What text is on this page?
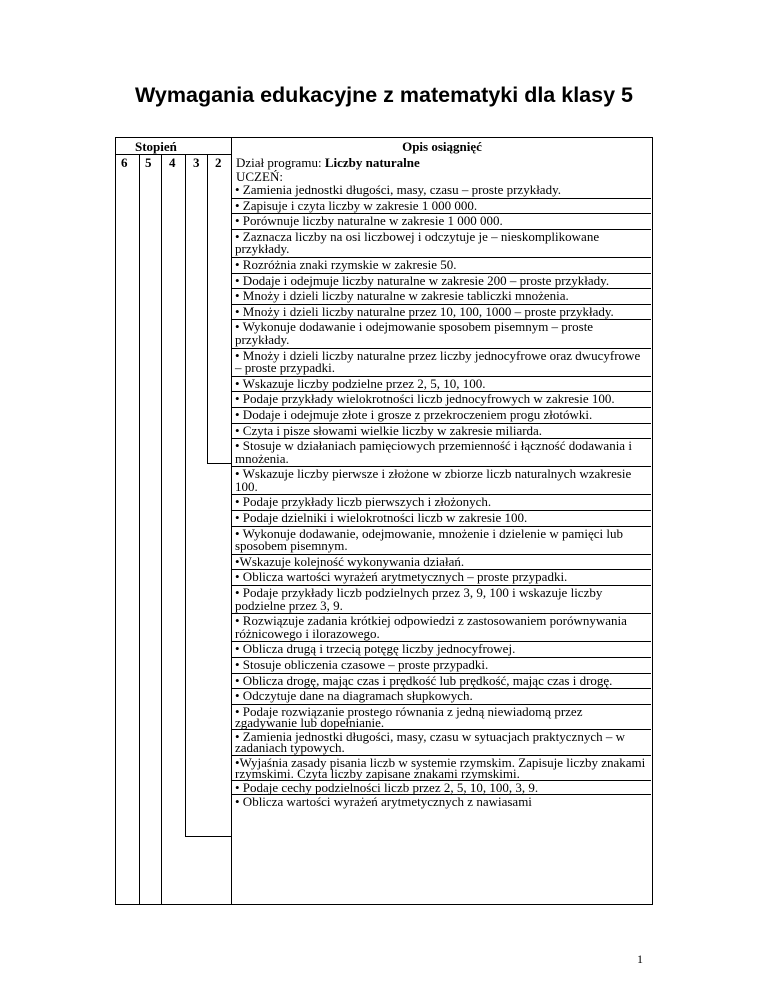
Wymagania edukacyjne z matematyki dla klasy 5
Stopień	Opis osiągnięć
6 5 4 3 2 Dział programu: Liczby naturalne
UCZEŃ:
• Zamienia jednostki długości, masy, czasu – proste przykłady.
• Zapisuje i czyta liczby w zakresie 1 000 000.
• Porównuje liczby naturalne w zakresie 1 000 000.
• Zaznacza liczby na osi liczbowej i odczytuje je – nieskomplikowane przykłady.
• Rozróżnia znaki rzymskie w zakresie 50.
• Dodaje i odejmuje liczby naturalne w zakresie 200 – proste przykłady.
• Mnoży i dzieli liczby naturalne w zakresie tabliczki mnożenia.
• Mnoży i dzieli liczby naturalne przez 10, 100, 1000 – proste przykłady.
• Wykonuje dodawanie i odejmowanie sposobem pisemnym – proste przykłady.
• Mnoży i dzieli liczby naturalne przez liczby jednocyfrowe oraz dwucyfrowe – proste przypadki.
• Wskazuje liczby podzielne przez 2, 5, 10, 100.
• Podaje przykłady wielokrotności liczb jednocyfrowych w zakresie 100.
• Dodaje i odejmuje złote i grosze z przekroczeniem progu złotówki.
• Czyta i pisze słowami wielkie liczby w zakresie miliarda.
• Stosuje w działaniach pamięciowych przemienność i łączność dodawania i mnożenia.
• Wskazuje liczby pierwsze i złożone w zbiorze liczb naturalnych wzakresie 100.
• Podaje przykłady liczb pierwszych i złożonych.
• Podaje dzielniki i wielokrotności liczb w zakresie 100.
• Wykonuje dodawanie, odejmowanie, mnożenie i dzielenie w pamięci lub sposobem pisemnym.
•Wskazuje kolejność wykonywania działań.
• Oblicza wartości wyrażeń arytmetycznych – proste przypadki.
• Podaje przykłady liczb podzielnych przez 3, 9, 100 i wskazuje liczby podzielne przez 3, 9.
• Rozwiązuje zadania krótkiej odpowiedzi z zastosowaniem porównywania różnicowego i ilorazowego.
• Oblicza drugą i trzecią potęgę liczby jednocyfrowej.
• Stosuje obliczenia czasowe – proste przypadki.
• Oblicza drogę, mając czas i prędkość lub prędkość, mając czas i drogę.
• Odczytuje dane na diagramach słupkowych.
• Podaje rozwiązanie prostego równania z jedną niewiadomą przez zgadywanie lub dopełnianie.
• Zamienia jednostki długości, masy, czasu w sytuacjach praktycznych – w zadaniach typowych.
•Wyjaśnia zasady pisania liczb w systemie rzymskim. Zapisuje liczby znakami rzymskimi. Czyta liczby zapisane znakami rzymskimi.
• Podaje cechy podzielności liczb przez 2, 5, 10, 100, 3, 9.
• Oblicza wartości wyrażeń arytmetycznych z nawiasami
1
